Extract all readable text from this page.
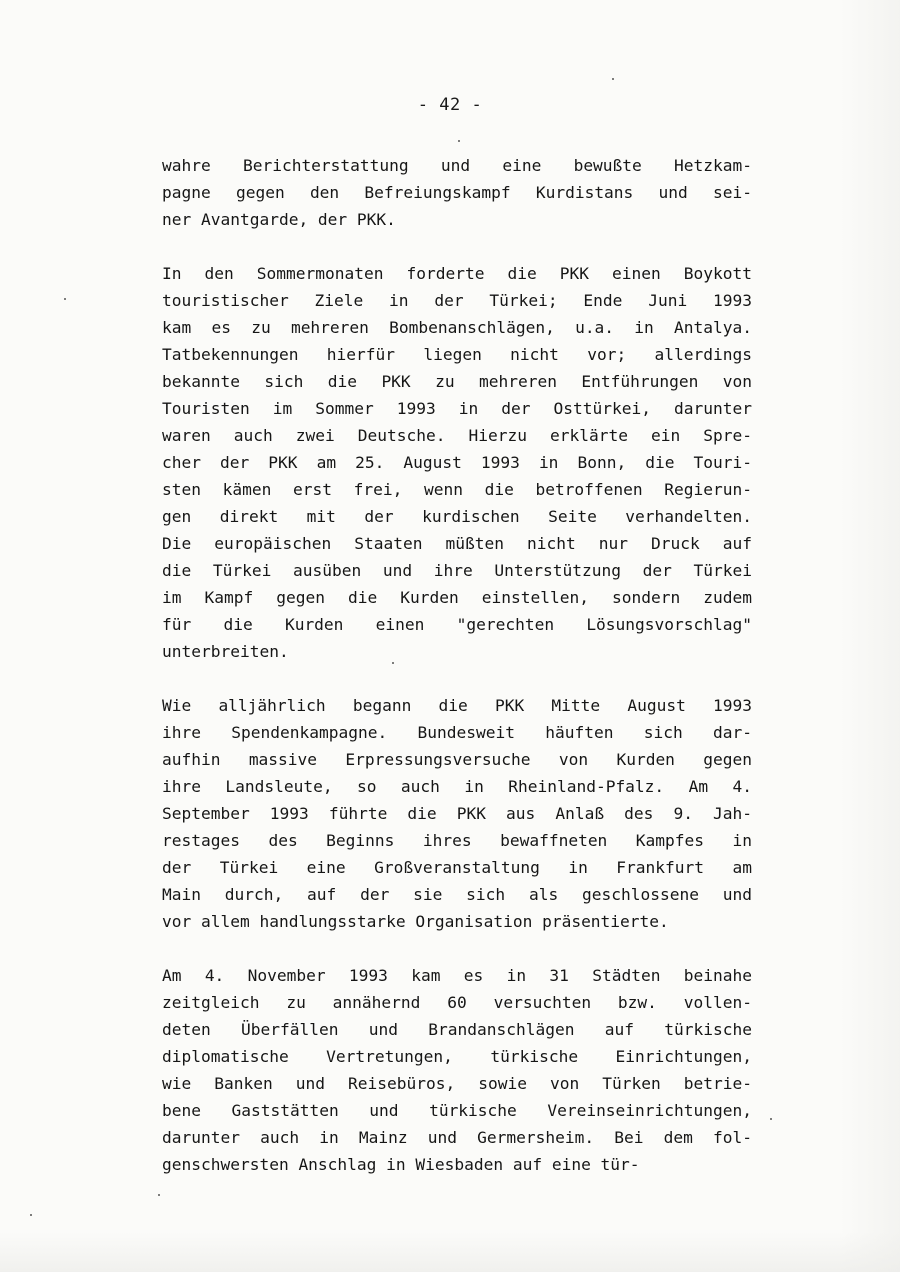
- 42 -
wahre Berichterstattung und eine bewußte Hetzkam-
pagne gegen den Befreiungskampf Kurdistans und sei-
ner Avantgarde, der PKK.
In den Sommermonaten forderte die PKK einen Boykott
touristischer Ziele in der Türkei; Ende Juni 1993
kam es zu mehreren Bombenanschlägen, u.a. in Antalya.
Tatbekennungen hierfür liegen nicht vor; allerdings
bekannte sich die PKK zu mehreren Entführungen von
Touristen im Sommer 1993 in der Osttürkei, darunter
waren auch zwei Deutsche. Hierzu erklärte ein Spre-
cher der PKK am 25. August 1993 in Bonn, die Touri-
sten kämen erst frei, wenn die betroffenen Regierun-
gen direkt mit der kurdischen Seite verhandelten.
Die europäischen Staaten müßten nicht nur Druck auf
die Türkei ausüben und ihre Unterstützung der Türkei
im Kampf gegen die Kurden einstellen, sondern zudem
für die Kurden einen "gerechten Lösungsvorschlag"
unterbreiten.
Wie alljährlich begann die PKK Mitte August 1993
ihre Spendenkampagne. Bundesweit häuften sich dar-
aufhin massive Erpressungsversuche von Kurden gegen
ihre Landsleute, so auch in Rheinland-Pfalz. Am 4.
September 1993 führte die PKK aus Anlaß des 9. Jah-
restages des Beginns ihres bewaffneten Kampfes in
der Türkei eine Großveranstaltung in Frankfurt am
Main durch, auf der sie sich als geschlossene und
vor allem handlungsstarke Organisation präsentierte.
Am 4. November 1993 kam es in 31 Städten beinahe
zeitgleich zu annähernd 60 versuchten bzw. vollen-
deten Überfällen und Brandanschlägen auf türkische
diplomatische Vertretungen, türkische Einrichtungen,
wie Banken und Reisebüros, sowie von Türken betrie-
bene Gaststätten und türkische Vereinseinrichtungen,
darunter auch in Mainz und Germersheim. Bei dem fol-
genschwersten Anschlag in Wiesbaden auf eine tür-
